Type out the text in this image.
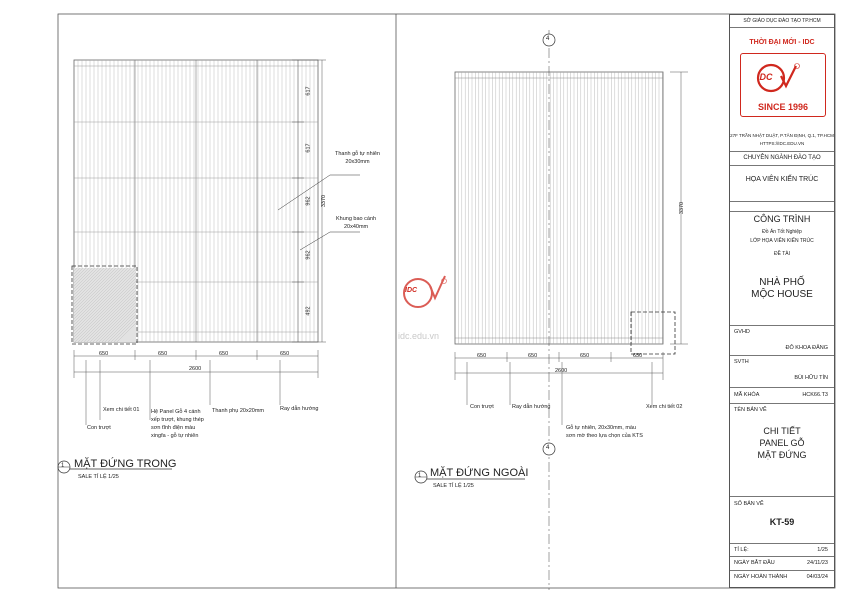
650	650	650	650
2600
617
617
962
962
492
3370
Thanh gỗ tự nhiên
20x30mm
Khung bao cánh
20x40mm
Xem chi tiết 01
Con trượt
Hệ Panel Gỗ 4 cánh
xếp trượt, khung thép
sơn tĩnh điện màu
xingfa - gỗ tự nhiên
Thanh phụ 20x20mm	Ray dẫn hướng
1 MẶT ĐỨNG TRONG
SALE TỈ LỆ 1/25
4
4
650	650	650	650
2600
3370
idc.edu.vn
Con trượt	Ray dẫn hướng
Gỗ tự nhiên, 20x30mm, màu
sơn mờ theo lựa chọn của KTS
Xem chi tiết 02
1 MẶT ĐỨNG NGOÀI
SALE TỈ LỆ 1/25
IDC
SỞ GIÁO DỤC ĐÀO TẠO TP.HCM
THỜI ĐẠI MỚI - IDC
IDC
SINCE 1996
27F TRẦN NHẬT DUẬT, P.TÂN ĐỊNH, Q.1, TP.HCM
HTTPS://IDC.EDU.VN
CHUYÊN NGÀNH ĐÀO TẠO
HỌA VIÊN KIẾN TRÚC
CÔNG TRÌNH
Đồ Án Tốt Nghiệp
LỚP HỌA VIÊN KIẾN TRÚC
ĐỀ TÀI
NHÀ PHỐ
MỘC HOUSE
GVHD
ĐỖ KHOA ĐĂNG
SVTH
BÙI HỮU TÍN
MÃ KHÓA	HCK66.T3
TÊN BẢN VẼ
CHI TIẾT
PANEL GỖ
MẶT ĐỨNG
SỐ BẢN VẼ
KT-59
TỈ LỆ:	1/25
NGÀY BẮT ĐẦU	24/11/23
NGÀY HOÀN THÀNH	04/03/24
